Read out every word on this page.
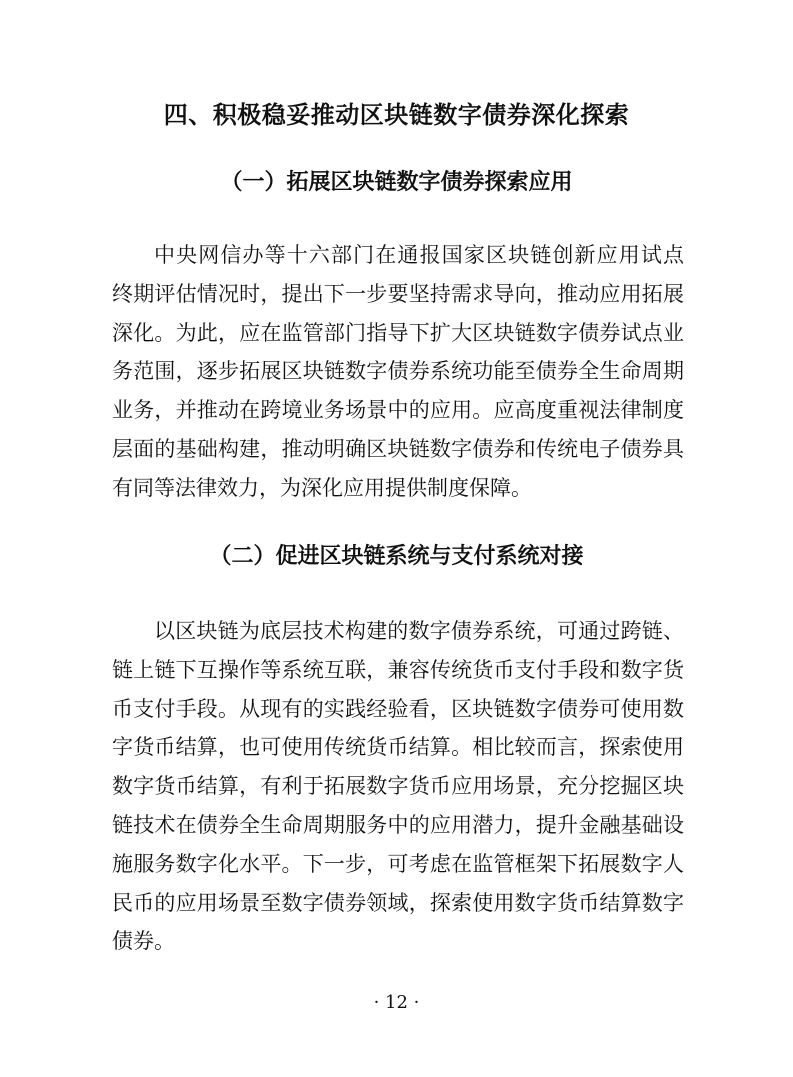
四、积极稳妥推动区块链数字债券深化探索
（一）拓展区块链数字债券探索应用
中央网信办等十六部门在通报国家区块链创新应用试点
终期评估情况时，提出下一步要坚持需求导向，推动应用拓展
深化。为此，应在监管部门指导下扩大区块链数字债券试点业
务范围，逐步拓展区块链数字债券系统功能至债券全生命周期
业务，并推动在跨境业务场景中的应用。应高度重视法律制度
层面的基础构建，推动明确区块链数字债券和传统电子债券具
有同等法律效力，为深化应用提供制度保障。
（二）促进区块链系统与支付系统对接
以区块链为底层技术构建的数字债券系统，可通过跨链、
链上链下互操作等系统互联，兼容传统货币支付手段和数字货
币支付手段。从现有的实践经验看，区块链数字债券可使用数
字货币结算，也可使用传统货币结算。相比较而言，探索使用
数字货币结算，有利于拓展数字货币应用场景，充分挖掘区块
链技术在债券全生命周期服务中的应用潜力，提升金融基础设
施服务数字化水平。下一步，可考虑在监管框架下拓展数字人
民币的应用场景至数字债券领域，探索使用数字货币结算数字
债券。
· 12 ·
